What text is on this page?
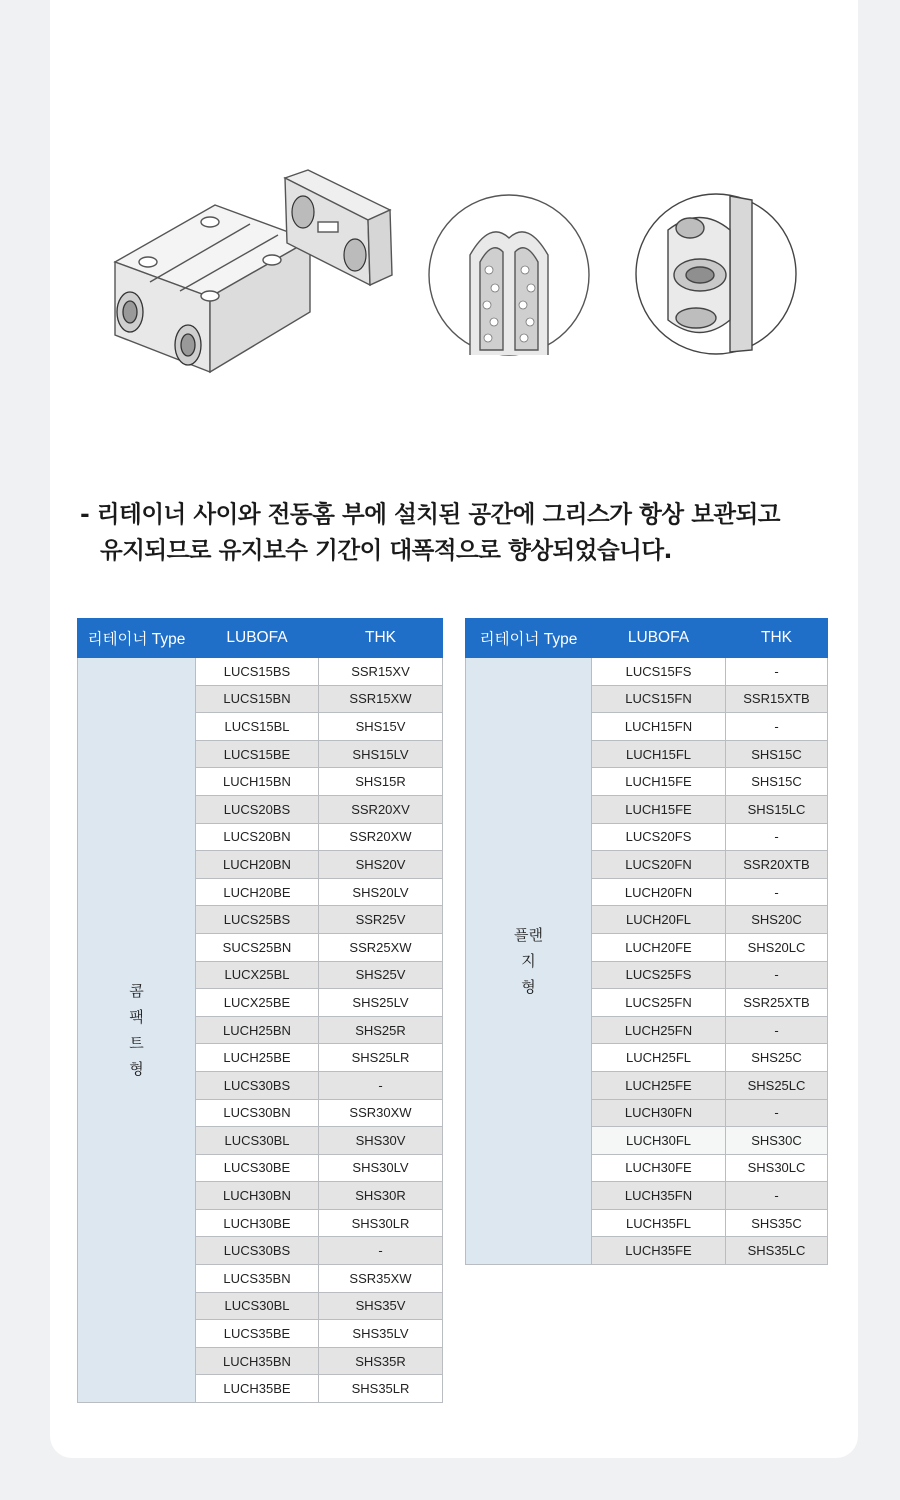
- 리테이너 사이와 전동홈 부에 설치된 공간에 그리스가 항상 보관되고
유지되므로 유지보수 기간이 대폭적으로 향상되었습니다.
리테이너 Type	LUBOFA	THK
콤
팩
트
형	LUCS15BS	SSR15XV
	LUCS15BN	SSR15XW
	LUCS15BL	SHS15V
	LUCS15BE	SHS15LV
	LUCH15BN	SHS15R
	LUCS20BS	SSR20XV
	LUCS20BN	SSR20XW
	LUCH20BN	SHS20V
	LUCH20BE	SHS20LV
	LUCS25BS	SSR25V
	SUCS25BN	SSR25XW
	LUCX25BL	SHS25V
	LUCX25BE	SHS25LV
	LUCH25BN	SHS25R
	LUCH25BE	SHS25LR
	LUCS30BS	-
	LUCS30BN	SSR30XW
	LUCS30BL	SHS30V
	LUCS30BE	SHS30LV
	LUCH30BN	SHS30R
	LUCH30BE	SHS30LR
	LUCS30BS	-
	LUCS35BN	SSR35XW
	LUCS30BL	SHS35V
	LUCS35BE	SHS35LV
	LUCH35BN	SHS35R
	LUCH35BE	SHS35LR
리테이너 Type	LUBOFA	THK
플랜
지
형	LUCS15FS	-
	LUCS15FN	SSR15XTB
	LUCH15FN	-
	LUCH15FL	SHS15C
	LUCH15FE	SHS15C
	LUCH15FE	SHS15LC
	LUCS20FS	-
	LUCS20FN	SSR20XTB
	LUCH20FN	-
	LUCH20FL	SHS20C
	LUCH20FE	SHS20LC
	LUCS25FS	-
	LUCS25FN	SSR25XTB
	LUCH25FN	-
	LUCH25FL	SHS25C
	LUCH25FE	SHS25LC
	LUCH30FN	-
	LUCH30FL	SHS30C
	LUCH30FE	SHS30LC
	LUCH35FN	-
	LUCH35FL	SHS35C
	LUCH35FE	SHS35LC
